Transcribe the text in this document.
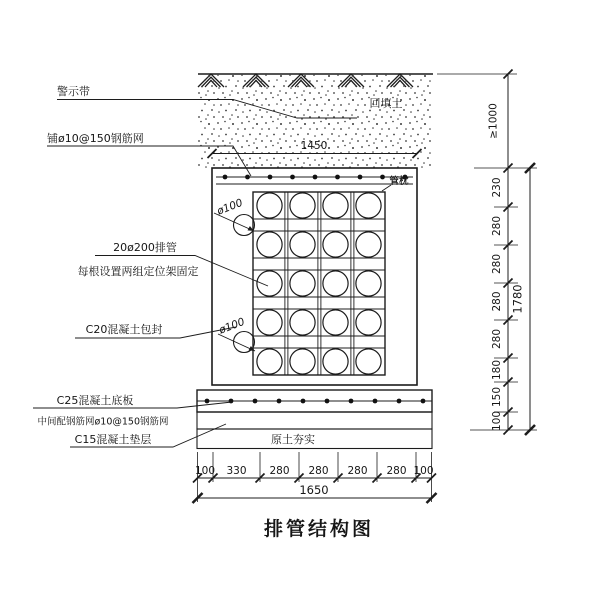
回填土
警示带
铺ø10@150钢筋网
1450
管枕
ø100
ø100
20ø200排管
每根设置两组定位架固定
C20混凝土包封
原土夯实
C25混凝土底板
中间配钢筋网ø10@150钢筋网
C15混凝土垫层
100 330 280 280 280 280 100
1650
≥1000
230
280
280
280
280
180
150
100
1780
排管结构图
